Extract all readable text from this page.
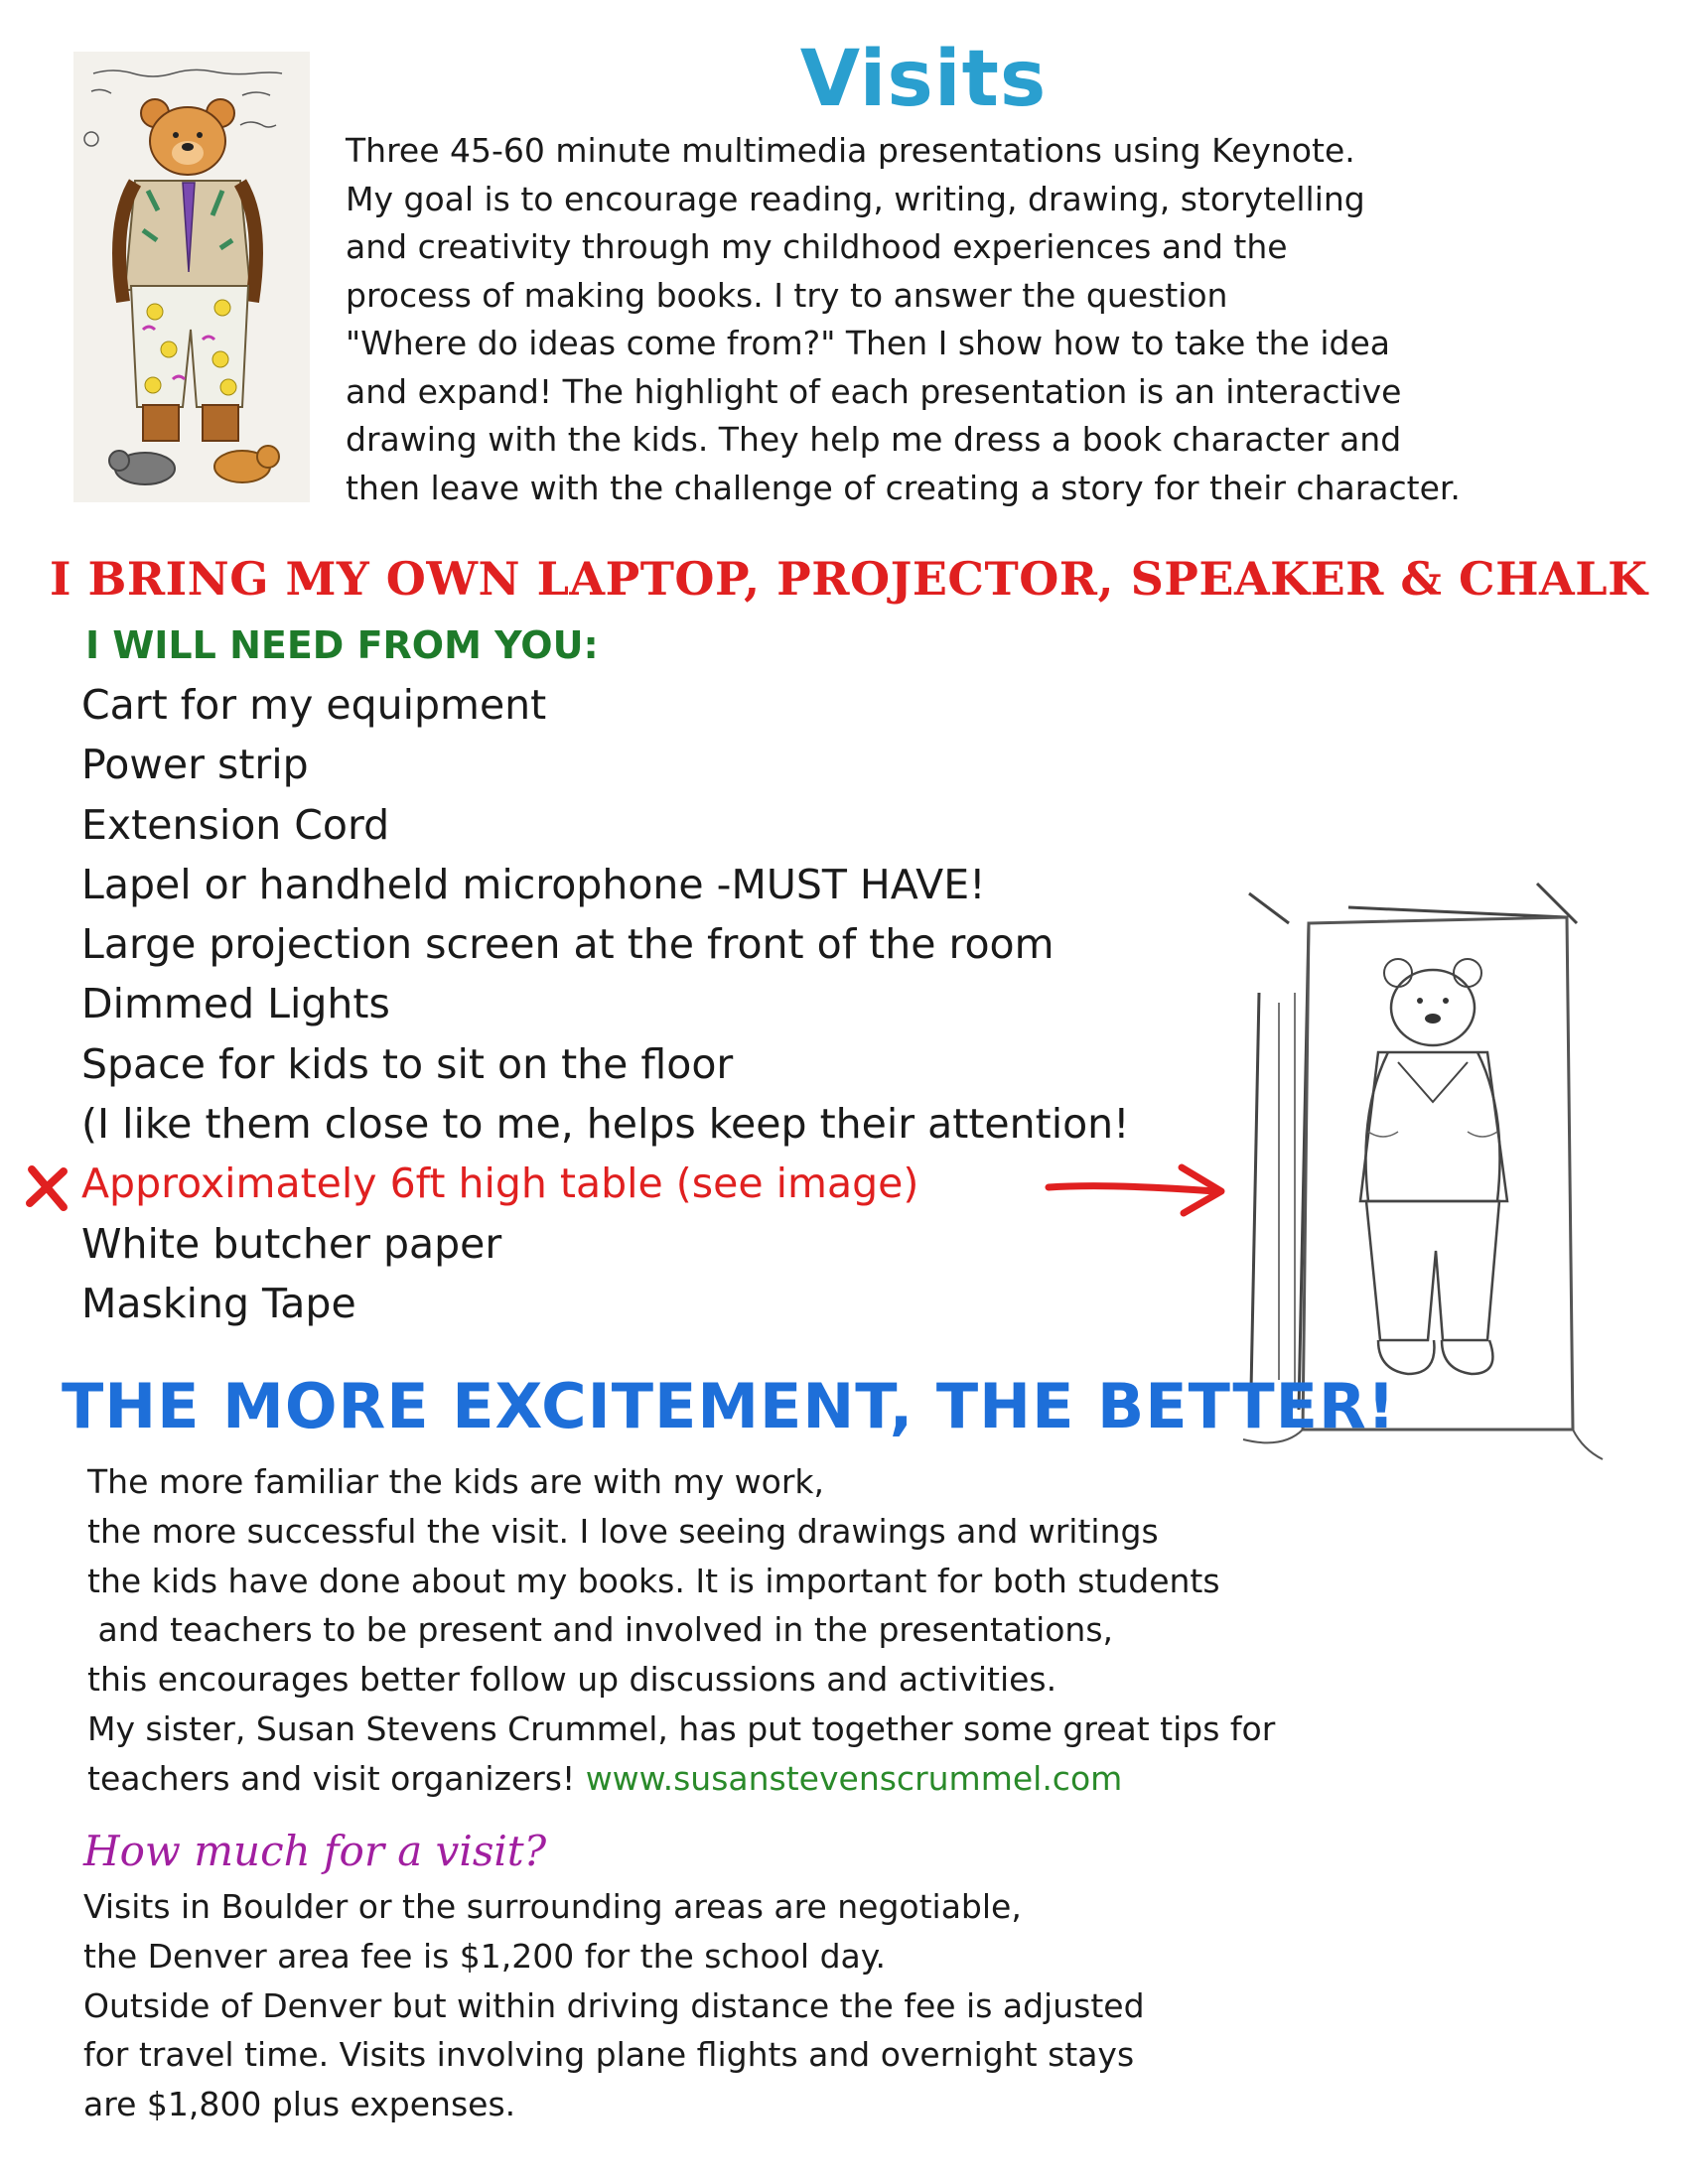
Visits
Three 45-60 minute multimedia presentations using Keynote.
My goal is to encourage reading, writing, drawing, storytelling
and creativity through my childhood experiences and the
process of making books. I try to answer the question
"Where do ideas come from?" Then I show how to take the idea
and expand! The highlight of each presentation is an interactive
drawing with the kids. They help me dress a book character and
then leave with the challenge of creating a story for their character.
I BRING MY OWN LAPTOP, PROJECTOR, SPEAKER & CHALK
I WILL NEED FROM YOU:
Cart for my equipment
Power strip
Extension Cord
Lapel or handheld microphone -MUST HAVE!
Large projection screen at the front of the room
Dimmed Lights
Space for kids to sit on the floor
(I like them close to me, helps keep their attention!
Approximately 6ft high table (see image)
White butcher paper
Masking Tape
THE MORE EXCITEMENT, THE BETTER!
The more familiar the kids are with my work,
the more successful the visit. I love seeing drawings and writings
the kids have done about my books. It is important for both students
and teachers to be present and involved in the presentations,
this encourages better follow up discussions and activities.
My sister, Susan Stevens Crummel, has put together some great tips for
teachers and visit organizers! www.susanstevenscrummel.com
How much for a visit?
Visits in Boulder or the surrounding areas are negotiable,
the Denver area fee is $1,200 for the school day.
Outside of Denver but within driving distance the fee is adjusted
for travel time. Visits involving plane flights and overnight stays
are $1,800 plus expenses.
